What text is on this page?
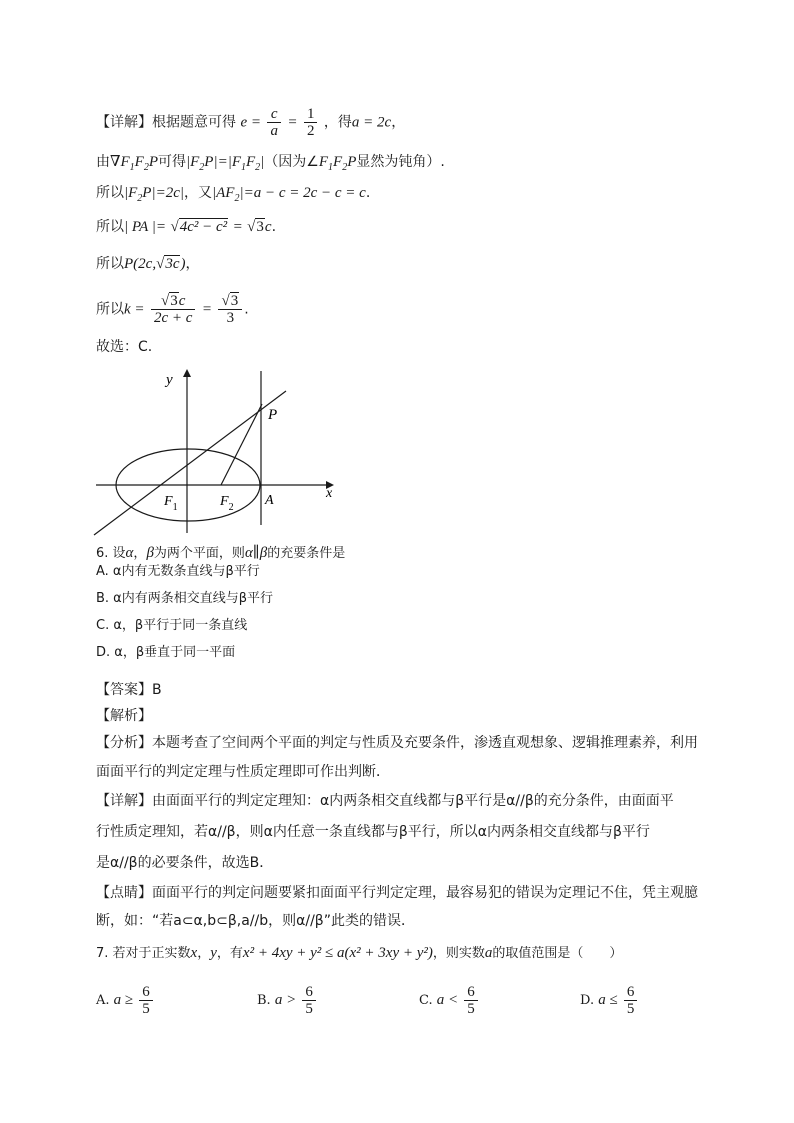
【详解】根据题意可得 $e = \frac{c}{a} = \frac{1}{2}$ ，得a = 2c，
由$\nabla F_1F_2P$可得$|F_2P|=|F_1F_2|$（因为$\angle F_1F_2P$显然为钝角）.
所以$|F_2P|=2c|$，又$|AF_2|=a - c = 2c - c = c$.
所以| PA |= √4c² − c² = √3c.
所以P(2c,√3c)，
所以$k = \frac{√3c}{2c + c} = \frac{√3}{3}$ .
故选：C.
y
x
P
$F_1$	$F_2$ A
6. 设α，β为两个平面，则α∥β的充要条件是
A. α内有无数条直线与β平行
B. α内有两条相交直线与β平行
C. α，β平行于同一条直线
D. α，β垂直于同一平面
【答案】B
【解析】
【分析】本题考查了空间两个平面的判定与性质及充要条件，渗透直观想象、逻辑推理素养，利用
面面平行的判定定理与性质定理即可作出判断．
【详解】由面面平行的判定定理知：α内两条相交直线都与β平行是α//β的充分条件，由面面平
行性质定理知，若α//β，则α内任意一条直线都与β平行，所以α内两条相交直线都与β平行
是α//β的必要条件，故选B．
【点睛】面面平行的判定问题要紧扣面面平行判定定理，最容易犯的错误为定理记不住，凭主观臆
断，如：“若a⊂α,b⊂β,a//b，则α//β”此类的错误．
7. 若对于正实数x，y，有x² + 4xy + y² ≤ a(x² + 3xy + y²)，则实数a的取值范围是（　　）
A. $a \ge \frac{6}{5}$	B. $a > \frac{6}{5}$	C. $a < \frac{6}{5}$	D. $a \le \frac{6}{5}$
